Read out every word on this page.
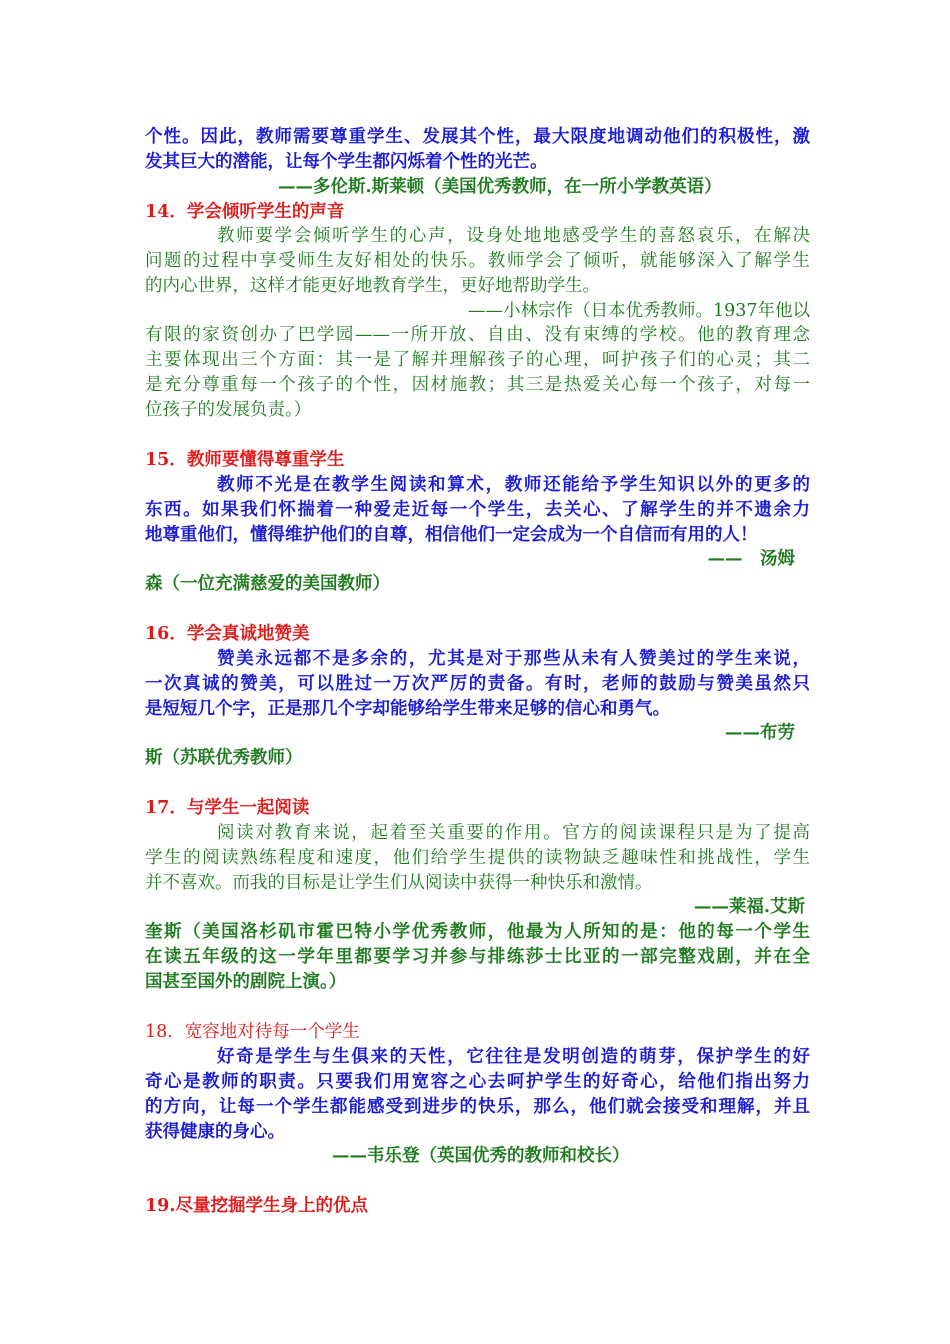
个性。因此，教师需要尊重学生、发展其个性，最大限度地调动他们的积极性，激
发其巨大的潜能，让每个学生都闪烁着个性的光芒。
——多伦斯.斯莱顿（美国优秀教师，在一所小学教英语）
14．学会倾听学生的声音
教师要学会倾听学生的心声，设身处地地感受学生的喜怒哀乐，在解决
问题的过程中享受师生友好相处的快乐。教师学会了倾听，就能够深入了解学生
的内心世界，这样才能更好地教育学生，更好地帮助学生。
——小林宗作（日本优秀教师。1937年他以
有限的家资创办了巴学园——一所开放、自由、没有束缚的学校。他的教育理念
主要体现出三个方面：其一是了解并理解孩子的心理，呵护孩子们的心灵；其二
是充分尊重每一个孩子的个性，因材施教；其三是热爱关心每一个孩子，对每一
位孩子的发展负责。）
15．教师要懂得尊重学生
教师不光是在教学生阅读和算术，教师还能给予学生知识以外的更多的
东西。如果我们怀揣着一种爱走近每一个学生，去关心、了解学生的并不遗余力
地尊重他们，懂得维护他们的自尊，相信他们一定会成为一个自信而有用的人！
——　汤姆
森（一位充满慈爱的美国教师）
16．学会真诚地赞美
赞美永远都不是多余的，尤其是对于那些从未有人赞美过的学生来说，
一次真诚的赞美，可以胜过一万次严厉的责备。有时，老师的鼓励与赞美虽然只
是短短几个字，正是那几个字却能够给学生带来足够的信心和勇气。
——布劳
斯（苏联优秀教师）
17．与学生一起阅读
阅读对教育来说，起着至关重要的作用。官方的阅读课程只是为了提高
学生的阅读熟练程度和速度，他们给学生提供的读物缺乏趣味性和挑战性，学生
并不喜欢。而我的目标是让学生们从阅读中获得一种快乐和激情。
——莱福.艾斯
奎斯（美国洛杉矶市霍巴特小学优秀教师，他最为人所知的是：他的每一个学生
在读五年级的这一学年里都要学习并参与排练莎士比亚的一部完整戏剧，并在全
国甚至国外的剧院上演。）
18．宽容地对待每一个学生
好奇是学生与生俱来的天性，它往往是发明创造的萌芽，保护学生的好
奇心是教师的职责。只要我们用宽容之心去呵护学生的好奇心，给他们指出努力
的方向，让每一个学生都能感受到进步的快乐，那么，他们就会接受和理解，并且
获得健康的身心。
——韦乐登（英国优秀的教师和校长）
19.尽量挖掘学生身上的优点
